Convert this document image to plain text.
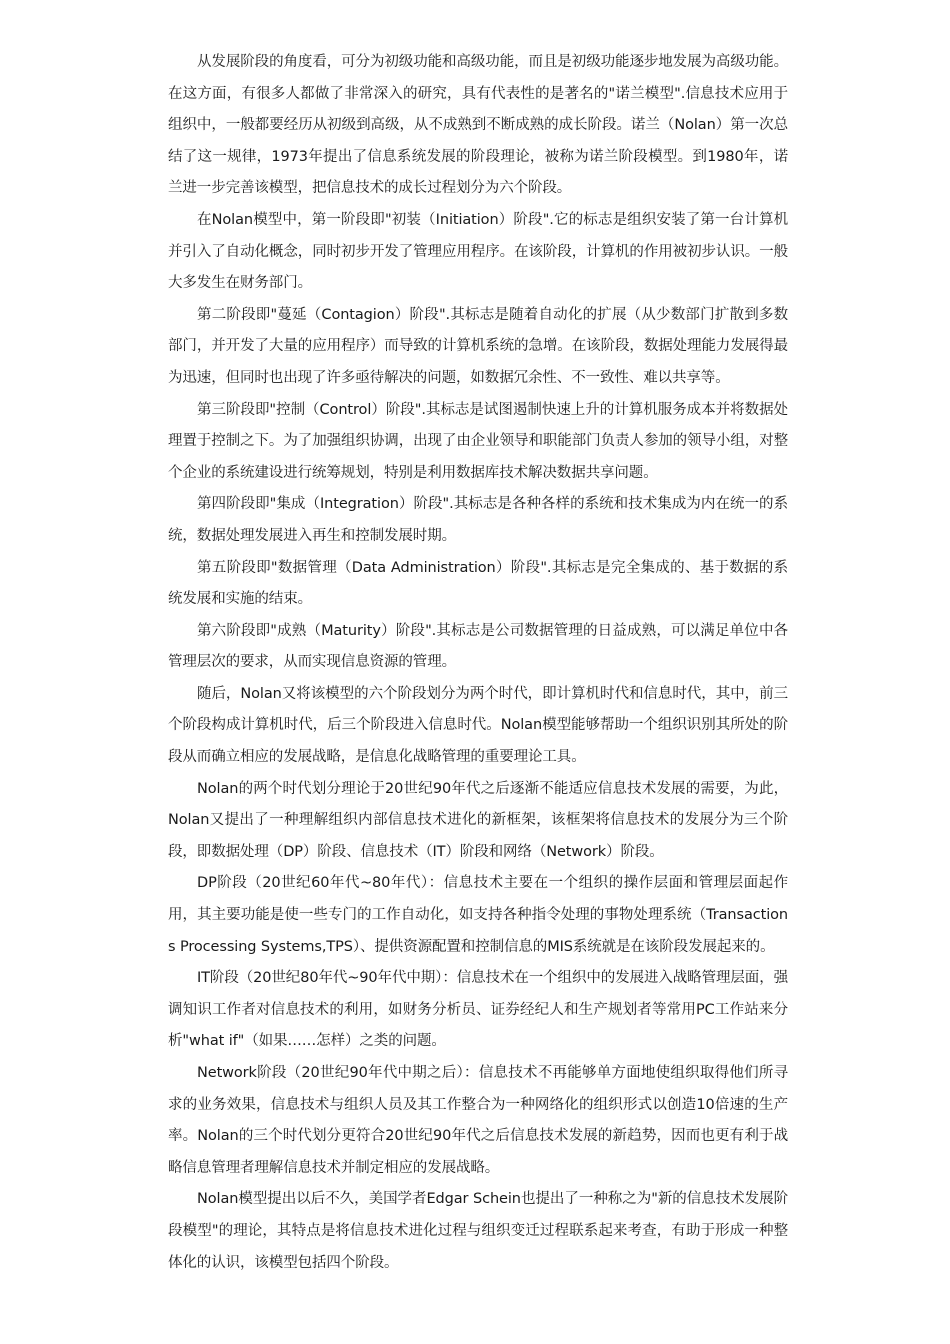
从发展阶段的角度看，可分为初级功能和高级功能，而且是初级功能逐步地发展为高级功能。在这方面，有很多人都做了非常深入的研究，具有代表性的是著名的"诺兰模型".信息技术应用于组织中，一般都要经历从初级到高级，从不成熟到不断成熟的成长阶段。诺兰（Nolan）第一次总结了这一规律，1973年提出了信息系统发展的阶段理论，被称为诺兰阶段模型。到1980年，诺兰进一步完善该模型，把信息技术的成长过程划分为六个阶段。

在Nolan模型中，第一阶段即"初装（Initiation）阶段".它的标志是组织安装了第一台计算机并引入了自动化概念，同时初步开发了管理应用程序。在该阶段，计算机的作用被初步认识。一般大多发生在财务部门。

第二阶段即"蔓延（Contagion）阶段".其标志是随着自动化的扩展（从少数部门扩散到多数部门，并开发了大量的应用程序）而导致的计算机系统的急增。在该阶段，数据处理能力发展得最为迅速，但同时也出现了许多亟待解决的问题，如数据冗余性、不一致性、难以共享等。

第三阶段即"控制（Control）阶段".其标志是试图遏制快速上升的计算机服务成本并将数据处理置于控制之下。为了加强组织协调，出现了由企业领导和职能部门负责人参加的领导小组，对整个企业的系统建设进行统筹规划，特别是利用数据库技术解决数据共享问题。

第四阶段即"集成（Integration）阶段".其标志是各种各样的系统和技术集成为内在统一的系统，数据处理发展进入再生和控制发展时期。

第五阶段即"数据管理（Data Administration）阶段".其标志是完全集成的、基于数据的系统发展和实施的结束。

第六阶段即"成熟（Maturity）阶段".其标志是公司数据管理的日益成熟，可以满足单位中各管理层次的要求，从而实现信息资源的管理。

随后，Nolan又将该模型的六个阶段划分为两个时代，即计算机时代和信息时代，其中，前三个阶段构成计算机时代，后三个阶段进入信息时代。Nolan模型能够帮助一个组织识别其所处的阶段从而确立相应的发展战略，是信息化战略管理的重要理论工具。

Nolan的两个时代划分理论于20世纪90年代之后逐渐不能适应信息技术发展的需要，为此，Nolan又提出了一种理解组织内部信息技术进化的新框架，该框架将信息技术的发展分为三个阶段，即数据处理（DP）阶段、信息技术（IT）阶段和网络（Network）阶段。

DP阶段（20世纪60年代~80年代）：信息技术主要在一个组织的操作层面和管理层面起作用，其主要功能是使一些专门的工作自动化，如支持各种指令处理的事物处理系统（Transactions Processing Systems,TPS）、提供资源配置和控制信息的MIS系统就是在该阶段发展起来的。

IT阶段（20世纪80年代~90年代中期）：信息技术在一个组织中的发展进入战略管理层面，强调知识工作者对信息技术的利用，如财务分析员、证券经纪人和生产规划者等常用PC工作站来分析"what if"（如果……怎样）之类的问题。

Network阶段（20世纪90年代中期之后）：信息技术不再能够单方面地使组织取得他们所寻求的业务效果，信息技术与组织人员及其工作整合为一种网络化的组织形式以创造10倍速的生产率。Nolan的三个时代划分更符合20世纪90年代之后信息技术发展的新趋势，因而也更有利于战略信息管理者理解信息技术并制定相应的发展战略。

Nolan模型提出以后不久，美国学者Edgar Schein也提出了一种称之为"新的信息技术发展阶段模型"的理论，其特点是将信息技术进化过程与组织变迁过程联系起来考查，有助于形成一种整体化的认识，该模型包括四个阶段。
